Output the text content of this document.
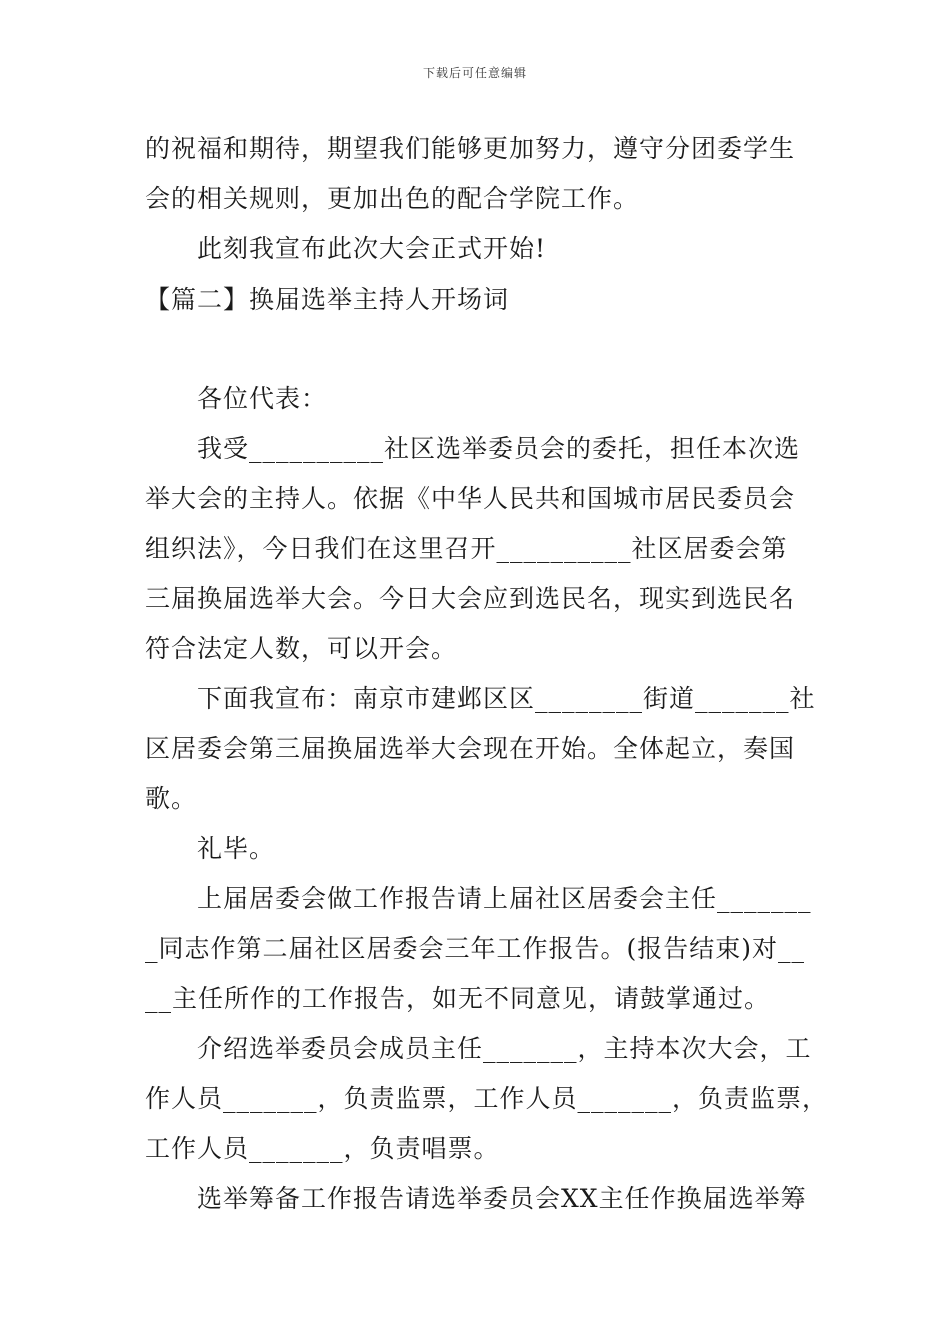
下载后可任意编辑
的祝福和期待，期望我们能够更加努力，遵守分团委学生
会的相关规则，更加出色的配合学院工作。
此刻我宣布此次大会正式开始!
【篇二】换届选举主持人开场词
各位代表：
我受__________社区选举委员会的委托，担任本次选
举大会的主持人。依据《中华人民共和国城市居民委员会
组织法》，今日我们在这里召开__________社区居委会第
三届换届选举大会。今日大会应到选民名，现实到选民名
符合法定人数，可以开会。
下面我宣布：南京市建邺区区________街道_______社
区居委会第三届换届选举大会现在开始。全体起立，奏国
歌。
礼毕。
上届居委会做工作报告请上届社区居委会主任_______
_同志作第二届社区居委会三年工作报告。(报告结束)对__
__主任所作的工作报告，如无不同意见，请鼓掌通过。
介绍选举委员会成员主任_______，主持本次大会，工
作人员_______，负责监票，工作人员_______，负责监票，
工作人员_______，负责唱票。
选举筹备工作报告请选举委员会XX主任作换届选举筹
